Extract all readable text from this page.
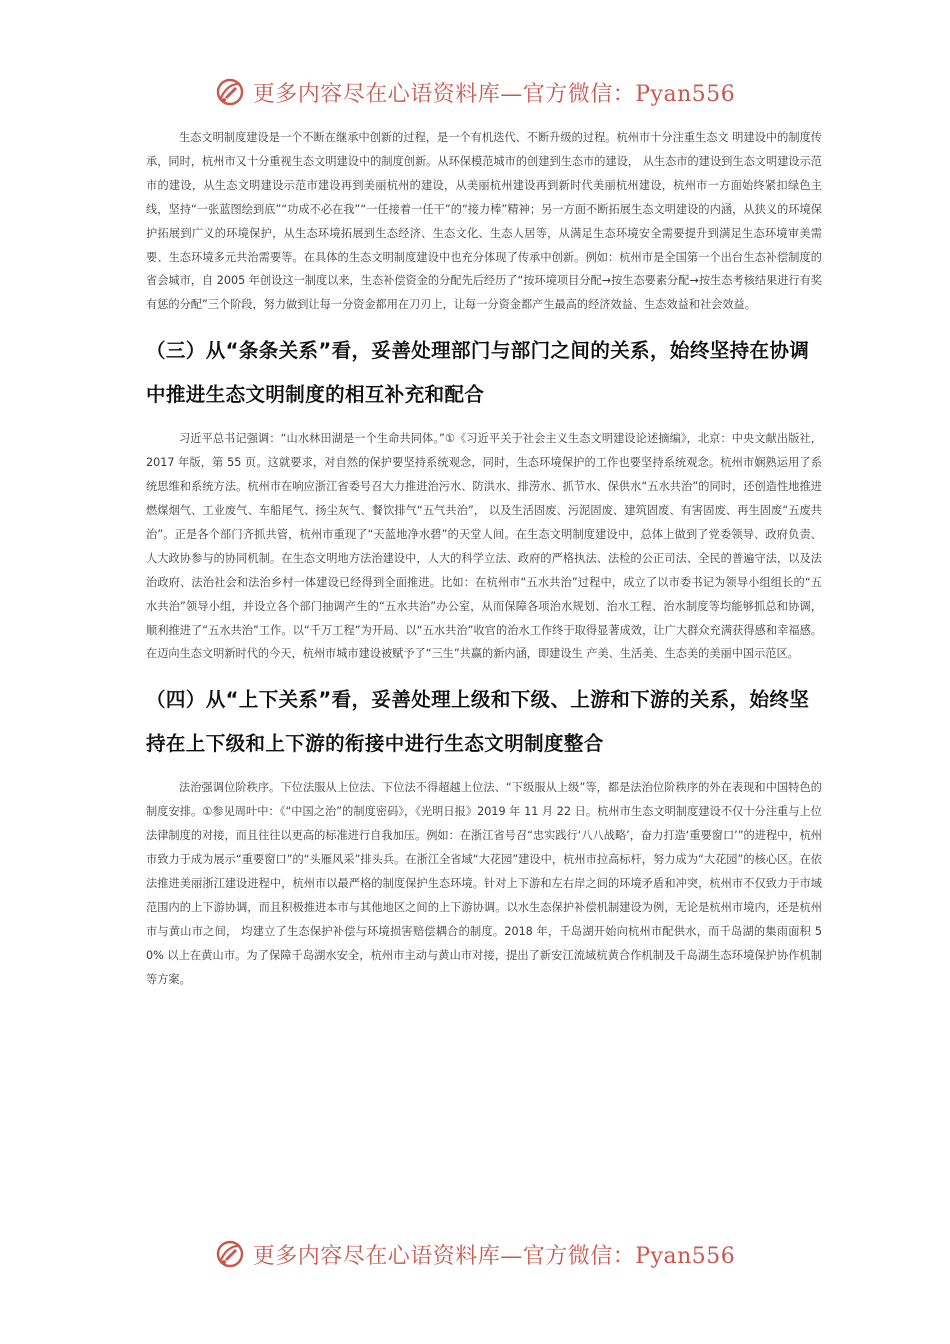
更多内容尽在心语资料库—官方微信：Pyan556

生态文明制度建设是一个不断在继承中创新的过程，是一个有机迭代、不断升级的过程。杭州市十分注重生态文 明建设中的制度传承，同时，杭州市又十分重视生态文明建设中的制度创新。从环保模范城市的创建到生态市的建设， 从生态市的建设到生态文明建设示范市的建设，从生态文明建设示范市建设再到美丽杭州的建设，从美丽杭州建设再到新时代美丽杭州建设，杭州市一方面始终紧扣绿色主线，坚持“一张蓝图绘到底”“功成不必在我”“一任接着一任干”的“接力棒”精神；另一方面不断拓展生态文明建设的内涵，从狭义的环境保护拓展到广义的环境保护，从生态环境拓展到生态经济、生态文化、生态人居等，从满足生态环境安全需要提升到满足生态环境审美需要、生态环境多元共治需要等。在具体的生态文明制度建设中也充分体现了传承中创新。例如：杭州市是全国第一个出台生态补偿制度的省会城市，自 2005 年创设这一制度以来，生态补偿资金的分配先后经历了“按环境项目分配→按生态要素分配→按生态考核结果进行有奖有惩的分配”三个阶段，努力做到让每一分资金都用在刀刃上，让每一分资金都产生最高的经济效益、生态效益和社会效益。

（三）从“条条关系”看，妥善处理部门与部门之间的关系，始终坚持在协调中推进生态文明制度的相互补充和配合

习近平总书记强调：“山水林田湖是一个生命共同体。”①《习近平关于社会主义生态文明建设论述摘编》，北京：中央文献出版社，2017 年版，第 55 页。这就要求，对自然的保护要坚持系统观念，同时，生态环境保护的工作也要坚持系统观念。杭州市娴熟运用了系统思维和系统方法。杭州市在响应浙江省委号召大力推进治污水、防洪水、排涝水、抓节水、保供水“五水共治”的同时，还创造性地推进燃煤烟气、工业废气、车船尾气、扬尘灰气、餐饮排气“五气共治”， 以及生活固废、污泥固废、建筑固废、有害固废、再生固废“五废共治”。正是各个部门齐抓共管，杭州市重现了“天蓝地净水碧”的天堂人间。在生态文明制度建设中，总体上做到了党委领导、政府负责、人大政协参与的协同机制。在生态文明地方法治建设中，人大的科学立法、政府的严格执法、法检的公正司法、全民的普遍守法，以及法治政府、法治社会和法治乡村一体建设已经得到全面推进。比如：在杭州市“五水共治”过程中，成立了以市委书记为领导小组组长的“五水共治”领导小组，并设立各个部门抽调产生的“五水共治”办公室，从而保障各项治水规划、治水工程、治水制度等均能够抓总和协调，顺利推进了“五水共治”工作。以“千万工程”为开局、以“五水共治”收官的治水工作终于取得显著成效，让广大群众充满获得感和幸福感。在迈向生态文明新时代的今天，杭州市城市建设被赋予了“三生”共赢的新内涵，即建设生 产美、生活美、生态美的美丽中国示范区。

（四）从“上下关系”看，妥善处理上级和下级、上游和下游的关系，始终坚持在上下级和上下游的衔接中进行生态文明制度整合

法治强调位阶秩序。下位法服从上位法、下位法不得超越上位法、“下级服从上级”等，都是法治位阶秩序的外在表现和中国特色的制度安排。①参见周叶中：《“中国之治”的制度密码》，《光明日报》2019 年 11 月 22 日。杭州市生态文明制度建设不仅十分注重与上位法律制度的对接，而且往往以更高的标准进行自我加压。例如：在浙江省号召“忠实践行‘八八战略’，奋力打造‘重要窗口’”的进程中，杭州市致力于成为展示“重要窗口”的“头雁风采”排头兵。在浙江全省域“大花园”建设中，杭州市拉高标杆，努力成为“大花园”的核心区。在依法推进美丽浙江建设进程中，杭州市以最严格的制度保护生态环境。针对上下游和左右岸之间的环境矛盾和冲突，杭州市不仅致力于市域范围内的上下游协调，而且积极推进本市与其他地区之间的上下游协调。以水生态保护补偿机制建设为例，无论是杭州市境内，还是杭州市与黄山市之间， 均建立了生态保护补偿与环境损害赔偿耦合的制度。2018 年，千岛湖开始向杭州市配供水，而千岛湖的集雨面积 50% 以上在黄山市。为了保障千岛湖水安全，杭州市主动与黄山市对接，提出了新安江流域杭黄合作机制及千岛湖生态环境保护协作机制等方案。

更多内容尽在心语资料库—官方微信：Pyan556
